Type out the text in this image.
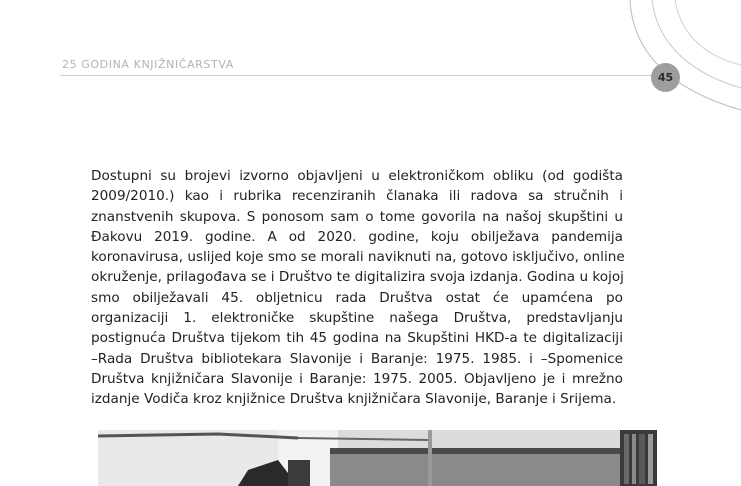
25 GODINA KNJIŽNIČARSTVA
45
Dostupni su brojevi izvorno objavljeni u elektroničkom obliku (od godišta
2009/2010.) kao i rubrika recenziranih članaka ili radova sa stručnih i
znanstvenih skupova. S ponosom sam o tome govorila na našoj skupštini u
Đakovu 2019. godine. A od 2020. godine, koju obilježava pandemija
koronavirusa, uslijed koje smo se morali naviknuti na, gotovo isključivo, online
okruženje, prilagođava se i Društvo te digitalizira svoja izdanja. Godina u kojoj
smo obilježavali 45. obljetnicu rada Društva ostat će upamćena po
organizaciji 1. elektroničke skupštine našega Društva, predstavljanju
postignuća Društva tijekom tih 45 godina na Skupštini HKD-a te digitalizaciji
–Rada Društva bibliotekara Slavonije i Baranje: 1975. 1985. i –Spomenice
Društva knjižničara Slavonije i Baranje: 1975. 2005. Objavljeno je i mrežno
izdanje Vodiča kroz knjižnice Društva knjižničara Slavonije, Baranje i Srijema.
